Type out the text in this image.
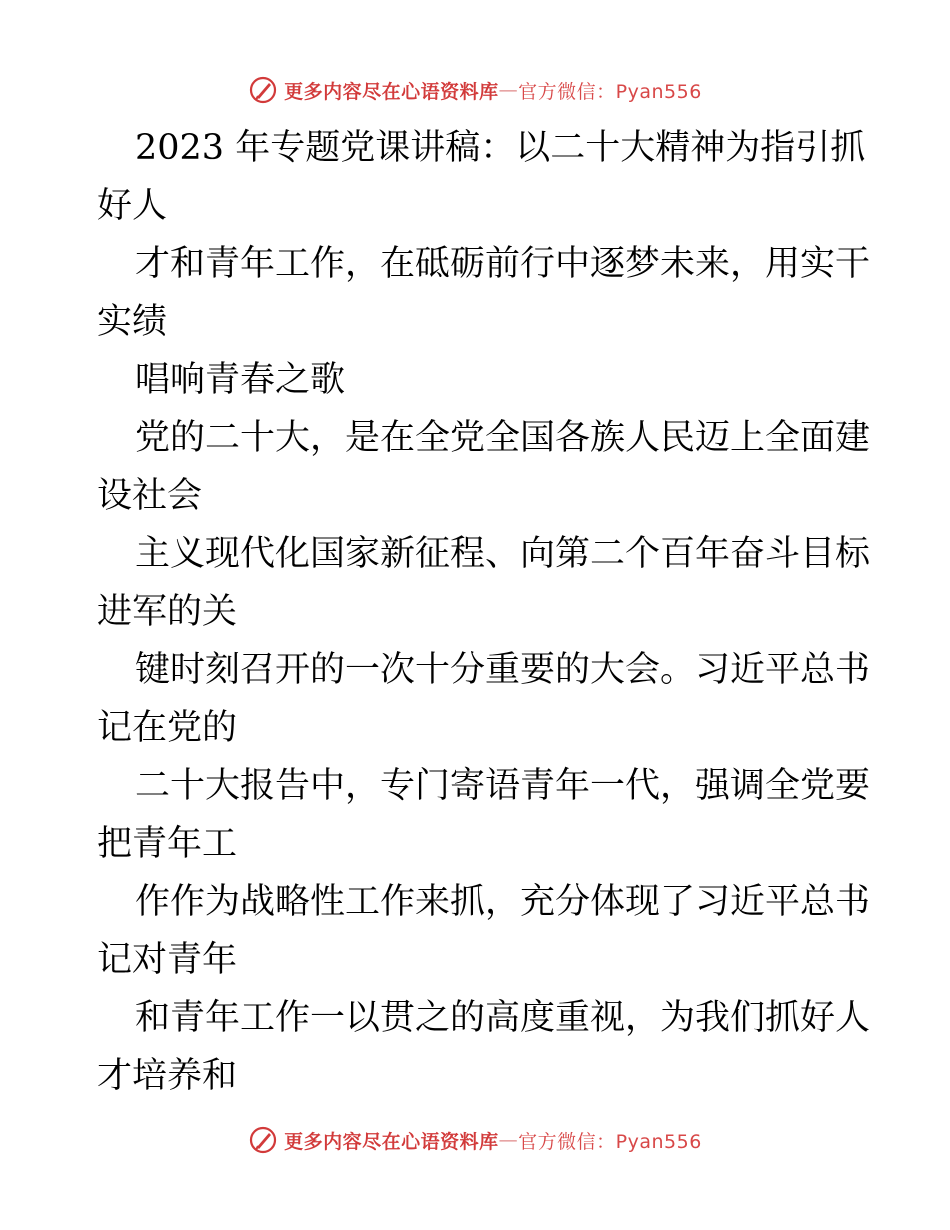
更多内容尽在心语资料库 — 官方微信：Pyan556
2023 年专题党课讲稿：以二十大精神为指引抓
好人
才和青年工作，在砥砺前行中逐梦未来，用实干
实绩
唱响青春之歌
党的二十大，是在全党全国各族人民迈上全面建
设社会
主义现代化国家新征程、向第二个百年奋斗目标
进军的关
键时刻召开的一次十分重要的大会。习近平总书
记在党的
二十大报告中，专门寄语青年一代，强调全党要
把青年工
作作为战略性工作来抓，充分体现了习近平总书
记对青年
和青年工作一以贯之的高度重视，为我们抓好人
才培养和
更多内容尽在心语资料库 — 官方微信：Pyan556
